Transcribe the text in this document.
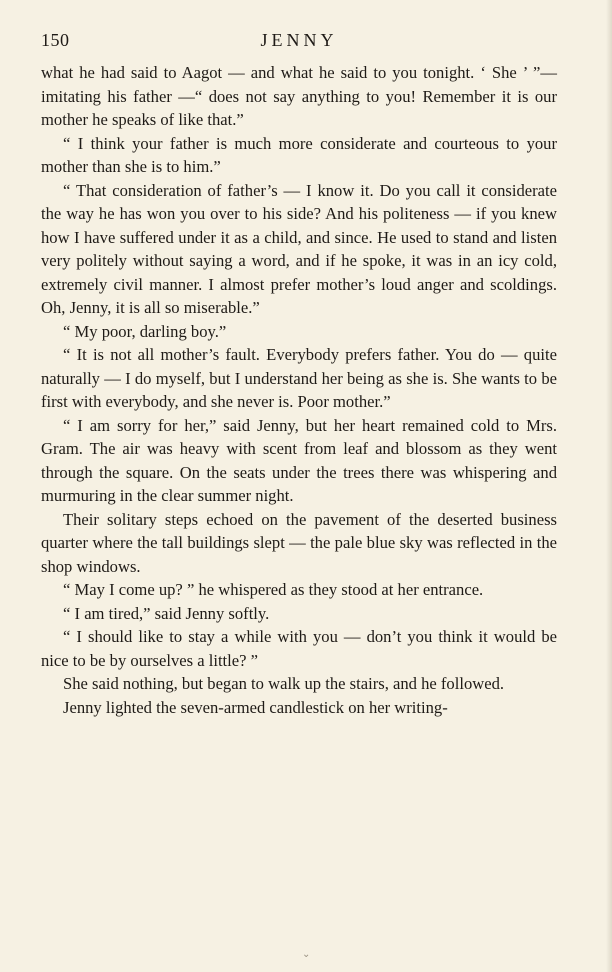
150	JENNY

what he had said to Aagot — and what he said to you tonight. ‘ She ’ ”— imitating his father —“ does not say anything to you! Remember it is our mother he speaks of like that.”

“ I think your father is much more considerate and courteous to your mother than she is to him.”

“ That consideration of father’s — I know it. Do you call it considerate the way he has won you over to his side? And his politeness — if you knew how I have suffered under it as a child, and since. He used to stand and listen very politely without saying a word, and if he spoke, it was in an icy cold, extremely civil manner. I almost prefer mother’s loud anger and scoldings. Oh, Jenny, it is all so miserable.”

“ My poor, darling boy.”

“ It is not all mother’s fault. Everybody prefers father. You do — quite naturally — I do myself, but I understand her being as she is. She wants to be first with everybody, and she never is. Poor mother.”

“ I am sorry for her,” said Jenny, but her heart remained cold to Mrs. Gram. The air was heavy with scent from leaf and blossom as they went through the square. On the seats under the trees there was whispering and murmuring in the clear summer night.

Their solitary steps echoed on the pavement of the deserted business quarter where the tall buildings slept — the pale blue sky was reflected in the shop windows.

“ May I come up? ” he whispered as they stood at her entrance.

“ I am tired,” said Jenny softly.

“ I should like to stay a while with you — don’t you think it would be nice to be by ourselves a little? ”

She said nothing, but began to walk up the stairs, and he followed.

Jenny lighted the seven-armed candlestick on her writing-

⌄
